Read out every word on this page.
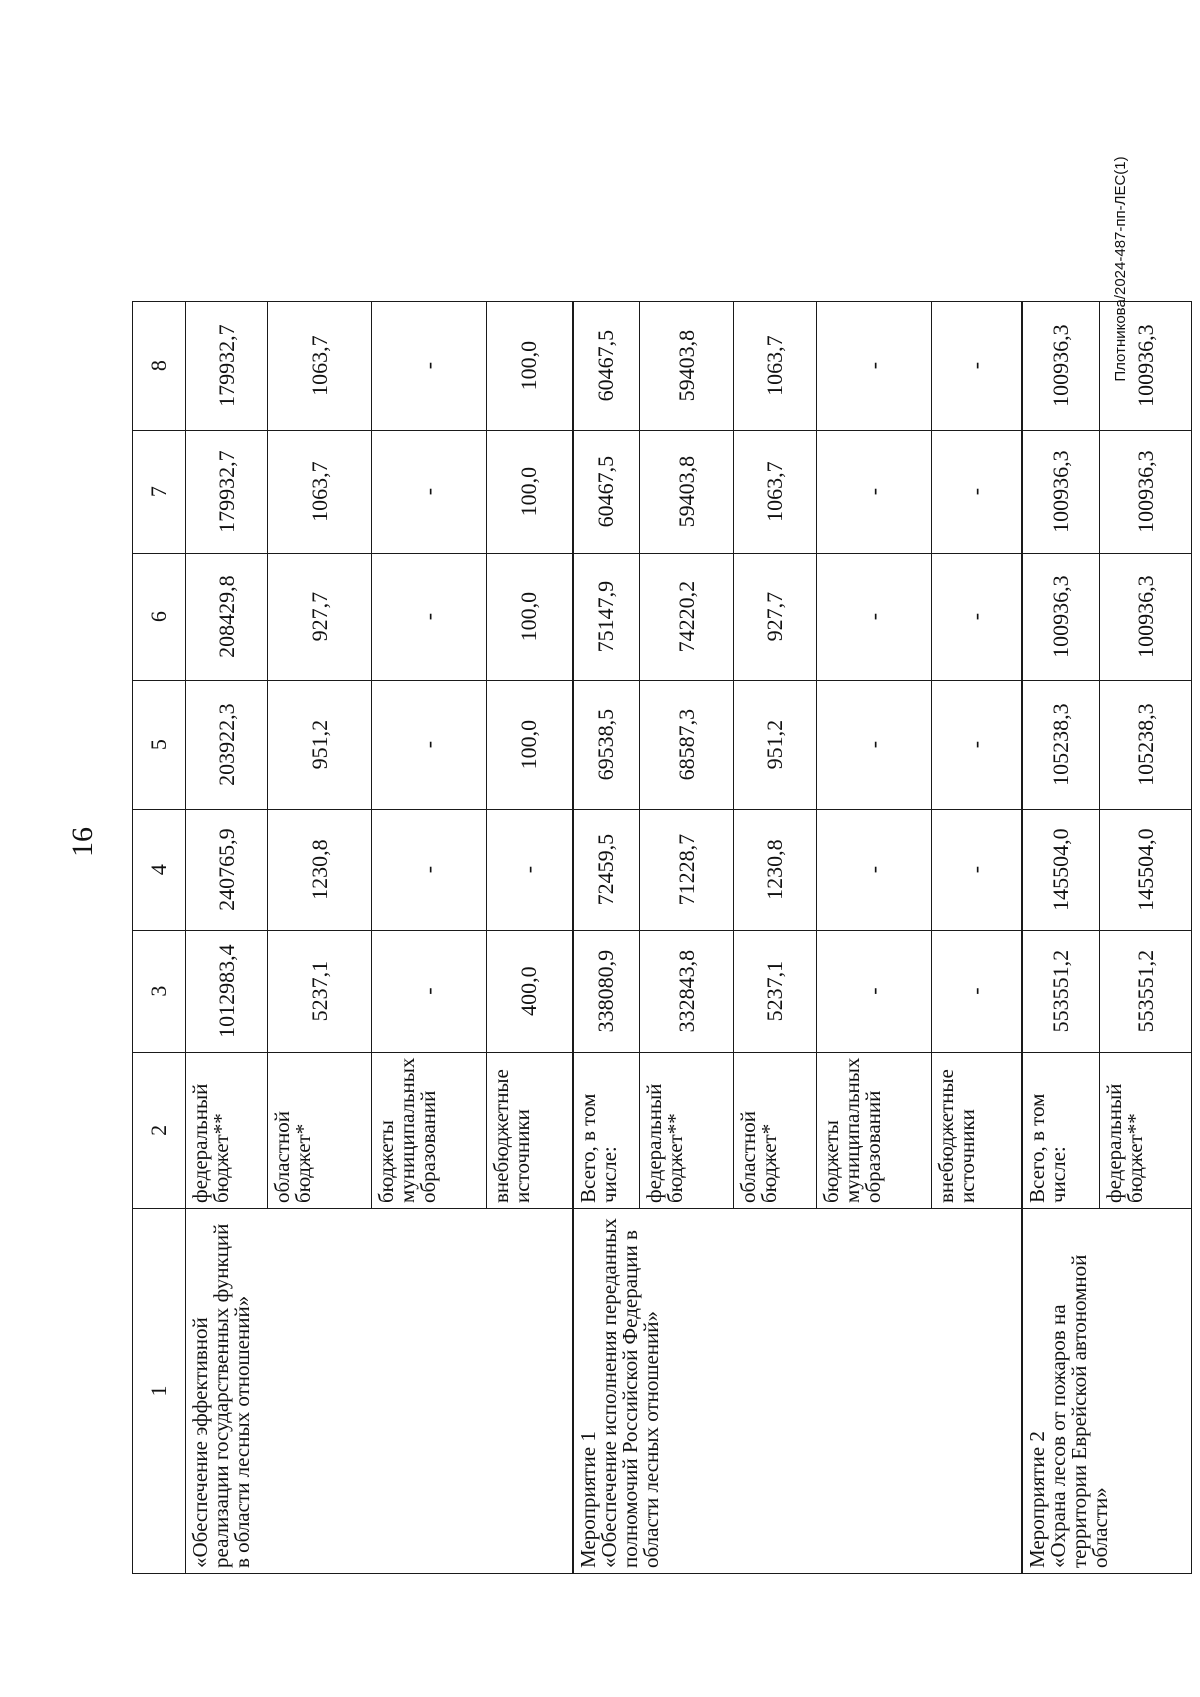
16
1	2	3	4	5	6	7	8

«Обеспечение эффективной реализации государственных функций в области лесных отношений»	федеральный бюджет**	1012983,4	240765,9	203922,3	208429,8	179932,7	179932,7
	областной бюджет*	5237,1	1230,8	951,2	927,7	1063,7	1063,7
	бюджеты муниципальных образований	-	-	-	-	-	-
	внебюджетные источники	400,0	-	100,0	100,0	100,0	100,0

Мероприятие 1
«Обеспечение исполнения переданных полномочий Российской Федерации в области лесных отношений»	Всего, в том числе:	338080,9	72459,5	69538,5	75147,9	60467,5	60467,5
	федеральный бюджет**	332843,8	71228,7	68587,3	74220,2	59403,8	59403,8
	областной бюджет*	5237,1	1230,8	951,2	927,7	1063,7	1063,7
	бюджеты муниципальных образований	-	-	-	-	-	-
	внебюджетные источники	-	-	-	-	-	-

Мероприятие 2
«Охрана лесов от пожаров на территории Еврейской автономной области»	Всего, в том числе:	553551,2	145504,0	105238,3	100936,3	100936,3	100936,3
	федеральный бюджет**	553551,2	145504,0	105238,3	100936,3	100936,3	100936,3
Плотникова/2024-487-пп-ЛЕС(1)
